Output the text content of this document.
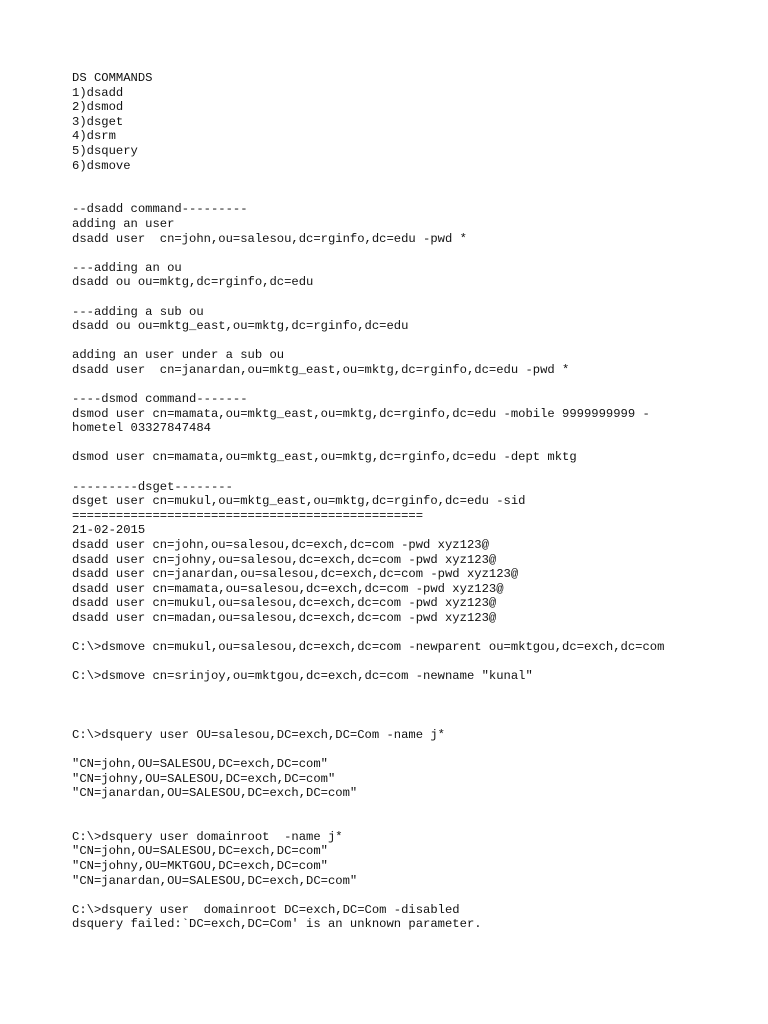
DS COMMANDS
1)dsadd
2)dsmod
3)dsget
4)dsrm
5)dsquery
6)dsmove
--dsadd command---------
adding an user
dsadd user  cn=john,ou=salesou,dc=rginfo,dc=edu -pwd *
---adding an ou
dsadd ou ou=mktg,dc=rginfo,dc=edu
---adding a sub ou
dsadd ou ou=mktg_east,ou=mktg,dc=rginfo,dc=edu
adding an user under a sub ou
dsadd user  cn=janardan,ou=mktg_east,ou=mktg,dc=rginfo,dc=edu -pwd *
----dsmod command-------
dsmod user cn=mamata,ou=mktg_east,ou=mktg,dc=rginfo,dc=edu -mobile 9999999999 -
hometel 03327847484
dsmod user cn=mamata,ou=mktg_east,ou=mktg,dc=rginfo,dc=edu -dept mktg
---------dsget--------
dsget user cn=mukul,ou=mktg_east,ou=mktg,dc=rginfo,dc=edu -sid
================================================
21-02-2015
dsadd user cn=john,ou=salesou,dc=exch,dc=com -pwd xyz123@
dsadd user cn=johny,ou=salesou,dc=exch,dc=com -pwd xyz123@
dsadd user cn=janardan,ou=salesou,dc=exch,dc=com -pwd xyz123@
dsadd user cn=mamata,ou=salesou,dc=exch,dc=com -pwd xyz123@
dsadd user cn=mukul,ou=salesou,dc=exch,dc=com -pwd xyz123@
dsadd user cn=madan,ou=salesou,dc=exch,dc=com -pwd xyz123@
C:\>dsmove cn=mukul,ou=salesou,dc=exch,dc=com -newparent ou=mktgou,dc=exch,dc=com
C:\>dsmove cn=srinjoy,ou=mktgou,dc=exch,dc=com -newname "kunal"
C:\>dsquery user OU=salesou,DC=exch,DC=Com -name j*
"CN=john,OU=SALESOU,DC=exch,DC=com"
"CN=johny,OU=SALESOU,DC=exch,DC=com"
"CN=janardan,OU=SALESOU,DC=exch,DC=com"
C:\>dsquery user domainroot  -name j*
"CN=john,OU=SALESOU,DC=exch,DC=com"
"CN=johny,OU=MKTGOU,DC=exch,DC=com"
"CN=janardan,OU=SALESOU,DC=exch,DC=com"
C:\>dsquery user  domainroot DC=exch,DC=Com -disabled
dsquery failed:`DC=exch,DC=Com' is an unknown parameter.
